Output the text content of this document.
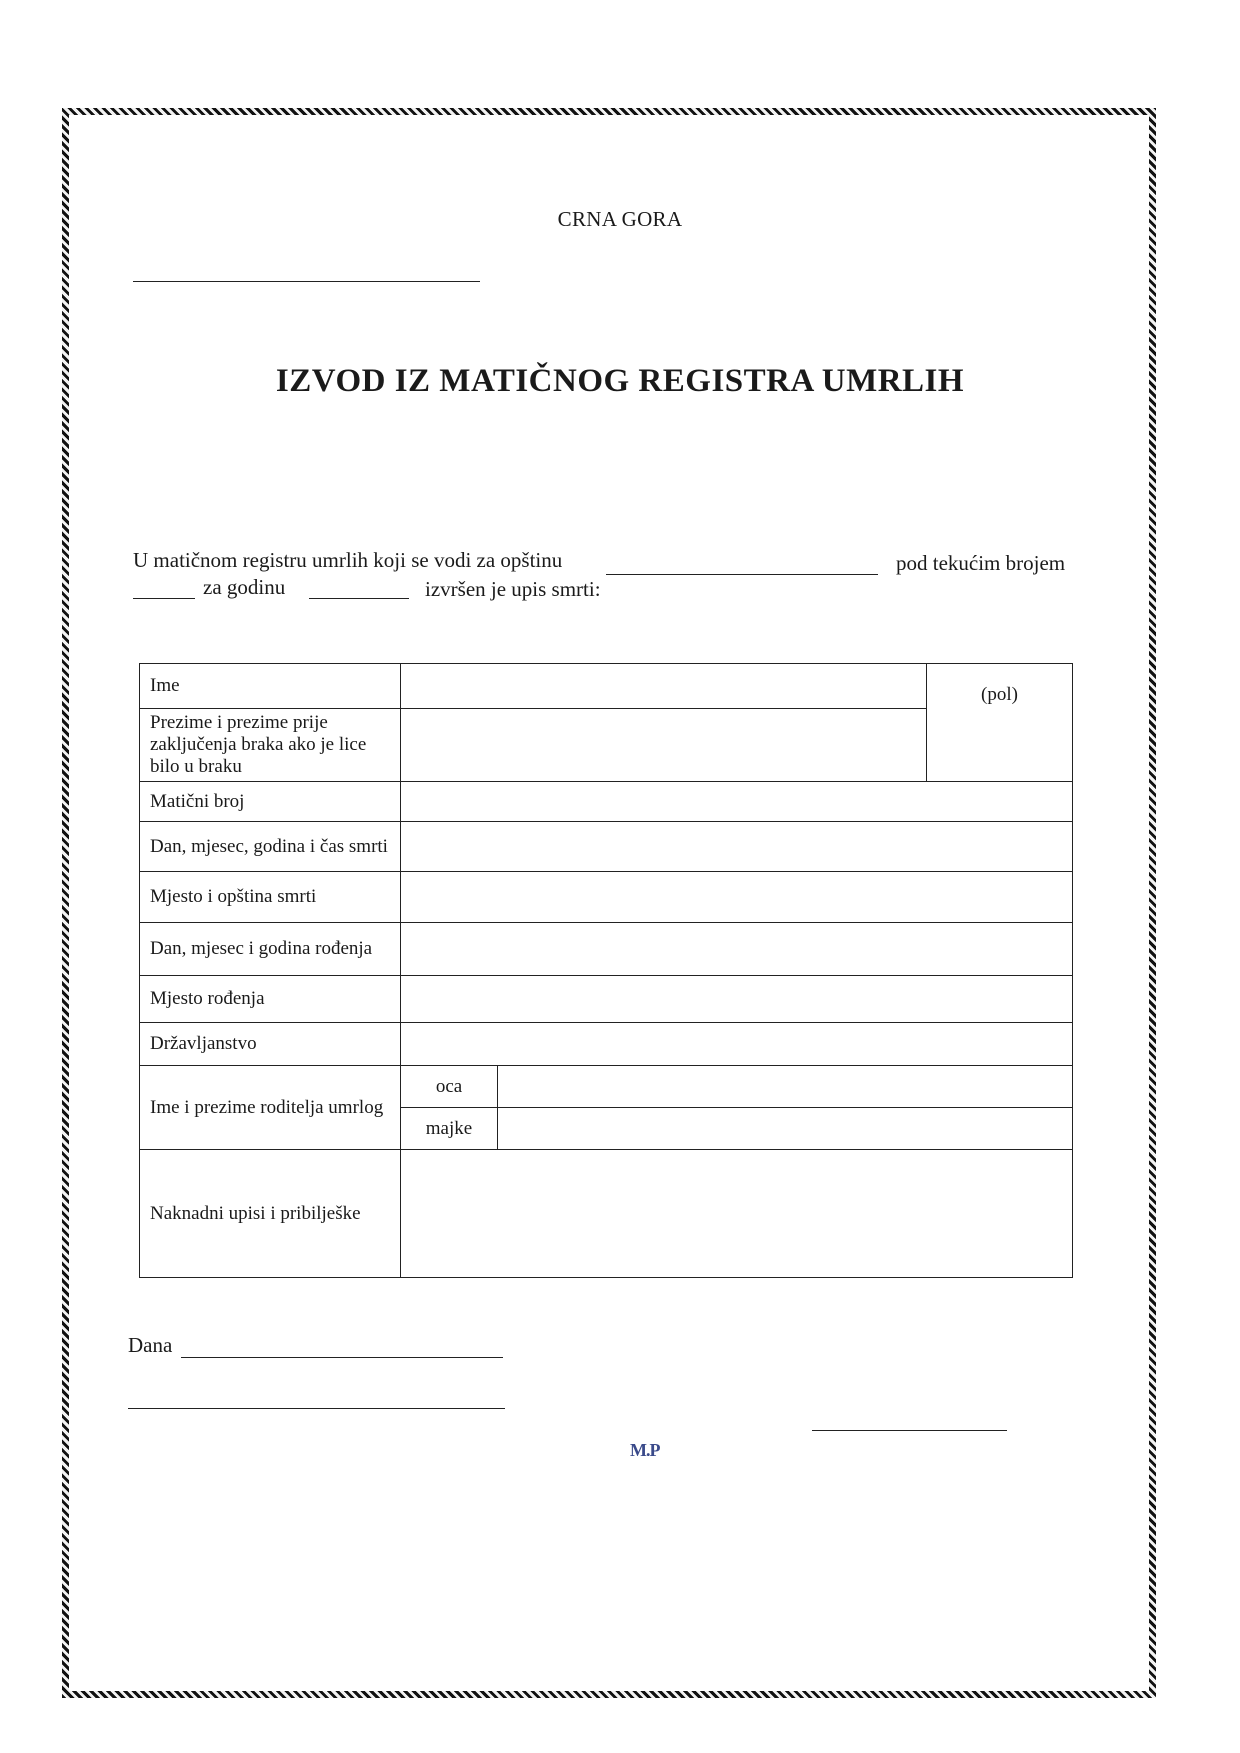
CRNA GORA
IZVOD IZ MATIČNOG REGISTRA UMRLIH
U matičnom registru umrlih koji se vodi za opštinu	pod tekućim brojem
za godinu	izvršen je upis smrti:
Ime			(pol)
Prezime i prezime prije zaključenja braka ako je lice bilo u braku			
Matični broj			
Dan, mjesec, godina i čas smrti			
Mjesto i opština smrti			
Dan, mjesec i godina rođenja			
Mjesto rođenja			
Državljanstvo			
Ime i prezime roditelja umrlog	oca		
	majke		
Naknadni upisi i pribilješke			
Dana
M.P
